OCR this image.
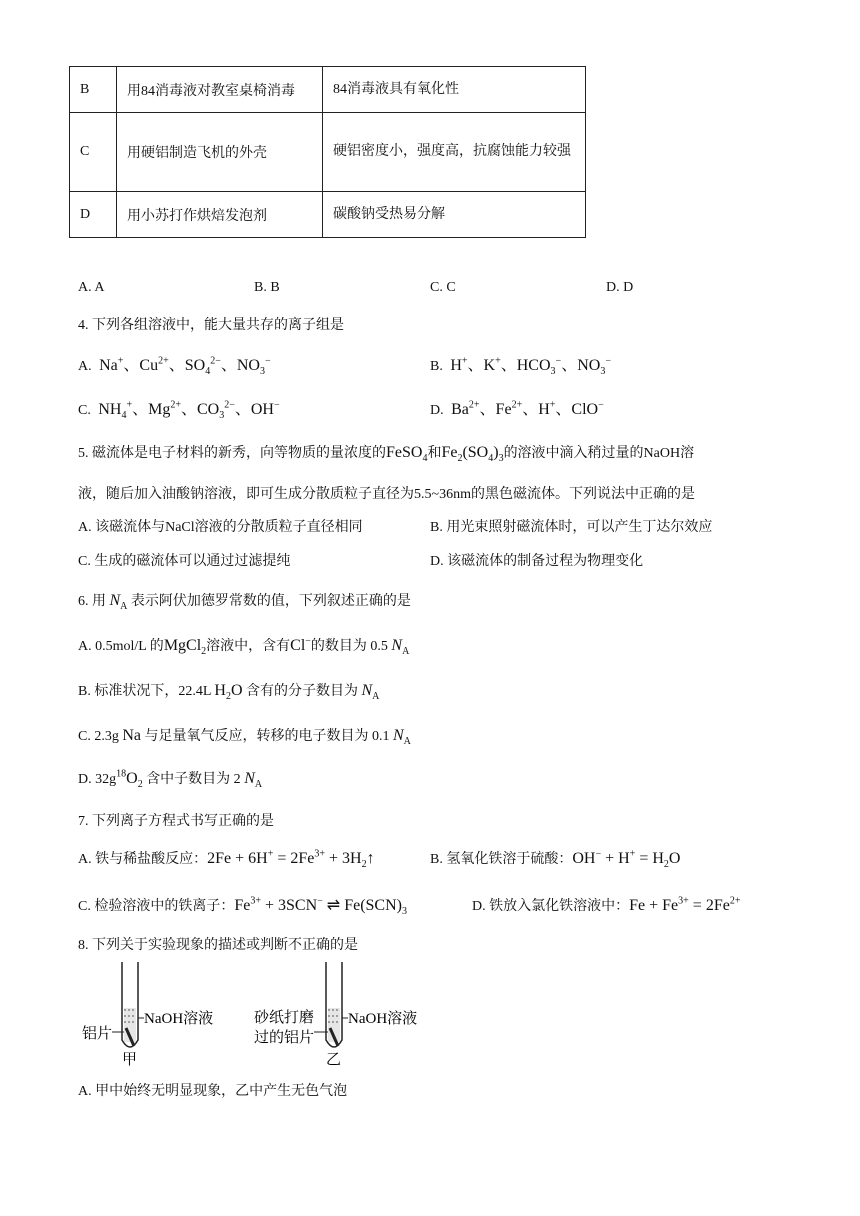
B	用84消毒液对教室桌椅消毒	84消毒液具有氧化性
C	用硬铝制造飞机的外壳	硬铝密度小，强度高，抗腐蚀能力较强
D	用小苏打作烘焙发泡剂	碳酸钠受热易分解
A. A	B. B	C. C	D. D
4. 下列各组溶液中，能大量共存的离子组是
A.  Na+、$Cu^{2+}$、$SO_4^{2-}$、$NO_3^-$	B.  H+、K+、$HCO_3^-$、$NO_3^-$
C.  $NH_4^+$、$Mg^{2+}$、$CO_3^{2-}$、OH−	D.  $Ba^{2+}$、$Fe^{2+}$、H+、ClO−
5. 磁流体是电子材料的新秀，向等物质的量浓度的FeSO$_4$和$Fe_2(SO_4)_3$的溶液中滴入稍过量的NaOH溶
液，随后加入油酸钠溶液，即可生成分散质粒子直径为5.5~36nm的黑色磁流体。下列说法中正确的是
A. 该磁流体与NaCl溶液的分散质粒子直径相同	B. 用光束照射磁流体时，可以产生丁达尔效应
C. 生成的磁流体可以通过过滤提纯	D. 该磁流体的制备过程为物理变化
6. 用 $N_A$ 表示阿伏加德罗常数的值，下列叙述正确的是
A. 0.5mol/L 的MgCl$_2$溶液中，含有Cl−的数目为 0.5 $N_A$
B. 标准状况下，22.4L $H_2O$ 含有的分子数目为 $N_A$
C. 2.3g Na 与足量氧气反应，转移的电子数目为 0.1 $N_A$
D. $32g^{18}O_2$ 含中子数目为 2 $N_A$
7. 下列离子方程式书写正确的是
A. 铁与稀盐酸反应：$2Fe + 6H^+ = 2Fe^{3+}$ + $3H_2↑$	B. 氢氧化铁溶于硫酸：$OH^- + H^+ = H_2O$
C. 检验溶液中的铁离子：$Fe^{3+} + 3SCN^-$ ⇌ $Fe(SCN)_3$	D. 铁放入氯化铁溶液中：$Fe + Fe^{3+} = 2Fe^{2+}$
8. 下列关于实验现象的描述或判断不正确的是
NaOH溶液
铝片
甲
NaOH溶液
砂纸打磨
过的铝片
乙
A. 甲中始终无明显现象，乙中产生无色气泡
